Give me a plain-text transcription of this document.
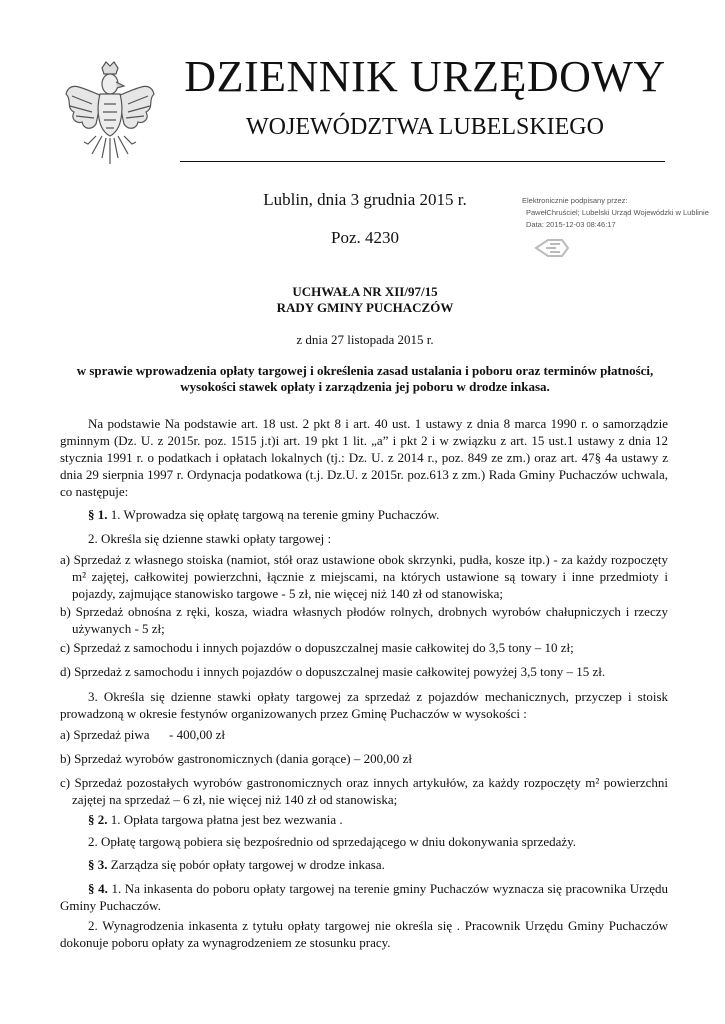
DZIENNIK URZĘDOWY
WOJEWÓDZTWA LUBELSKIEGO
Lublin, dnia 3 grudnia 2015 r.
Poz. 4230
Elektronicznie podpisany przez:
PawełChruściel; Lubelski Urząd Wojewódzki w Lublinie
Data: 2015-12-03 08:46:17
UCHWAŁA NR XII/97/15
RADY GMINY PUCHACZÓW
z dnia 27 listopada 2015 r.
w sprawie wprowadzenia opłaty targowej i określenia zasad ustalania i poboru oraz terminów płatności,
wysokości stawek opłaty i zarządzenia jej poboru w drodze inkasa.

Na podstawie Na podstawie art. 18 ust. 2 pkt 8 i art. 40 ust. 1 ustawy z dnia 8 marca 1990 r. o samorządzie gminnym (Dz. U. z 2015r. poz. 1515 j.t)i art. 19 pkt 1 lit. „a” i pkt 2 i w związku z art. 15 ust.1 ustawy z dnia 12 stycznia 1991 r. o podatkach i opłatach lokalnych (tj.: Dz. U. z 2014 r., poz. 849 ze zm.) oraz art. 47§ 4a ustawy z dnia 29 sierpnia 1997 r. Ordynacja podatkowa (t.j. Dz.U. z 2015r. poz.613 z zm.) Rada Gminy Puchaczów uchwala, co następuje:

§ 1. 1. Wprowadza się opłatę targową na terenie gminy Puchaczów.

2. Określa się dzienne stawki opłaty targowej :

a) Sprzedaż z własnego stoiska (namiot, stół oraz ustawione obok skrzynki, pudła, kosze itp.) - za każdy rozpoczęty m² zajętej, całkowitej powierzchni, łącznie z miejscami, na których ustawione są towary i inne przedmioty i pojazdy, zajmujące stanowisko targowe - 5 zł, nie więcej niż 140 zł od stanowiska;

b) Sprzedaż obnośna z ręki, kosza, wiadra własnych płodów rolnych, drobnych wyrobów chałupniczych i rzeczy używanych - 5 zł;

c) Sprzedaż z samochodu i innych pojazdów o dopuszczalnej masie całkowitej do 3,5 tony – 10 zł;

d) Sprzedaż z samochodu i innych pojazdów o dopuszczalnej masie całkowitej powyżej 3,5 tony – 15 zł.

3. Określa się dzienne stawki opłaty targowej za sprzedaż z pojazdów mechanicznych, przyczep i stoisk prowadzoną w okresie festynów organizowanych przez Gminę Puchaczów w wysokości :

a) Sprzedaż piwa      - 400,00 zł

b) Sprzedaż wyrobów gastronomicznych (dania gorące) – 200,00 zł

c) Sprzedaż pozostałych wyrobów gastronomicznych oraz innych artykułów, za każdy rozpoczęty m² powierzchni zajętej na sprzedaż – 6 zł, nie więcej niż 140 zł od stanowiska;

§ 2. 1. Opłata targowa płatna jest bez wezwania .

2. Opłatę targową pobiera się bezpośrednio od sprzedającego w dniu dokonywania sprzedaży.

§ 3. Zarządza się pobór opłaty targowej w drodze inkasa.

§ 4. 1. Na inkasenta do poboru opłaty targowej na terenie gminy Puchaczów wyznacza się pracownika Urzędu Gminy Puchaczów.

2. Wynagrodzenia inkasenta z tytułu opłaty targowej nie określa się . Pracownik Urzędu Gminy Puchaczów dokonuje poboru opłaty za wynagrodzeniem ze stosunku pracy.
